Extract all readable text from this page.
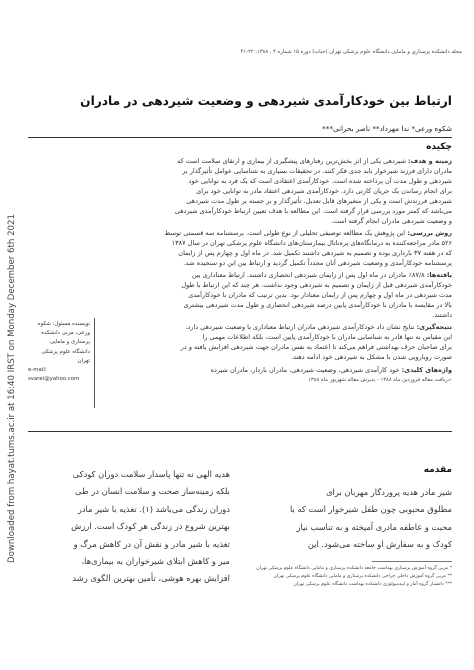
Downloaded from hayat.tums.ac.ir at 16:40 IRST on Monday December 6th 2021
مجله دانشکده پرستاری و مامایی دانشگاه علوم پزشکی تهران (حیات) دوره ۱۵ شماره ۴ ، ۱۳۸۸، ۲۲-۴۱
ارتباط بین خودکارآمدی شیردهی و وضعیت شیردهی در مادران
شکوه ورعی* ندا مهرداد** ناصر بحرانی***
چکیده
زمینه و هدف: شیردهی یکی از اثر بخش‌ترین رفتارهای پیشگیری از بیماری و ارتقای سلامت است که
مادران دارای فرزند شیرخوار باید جدی فکر کنند. در تحقیقات بسیاری به شناسایی عوامل تأثیرگذار بر
شیردهی و طول مدت آن پرداخته شده است. خودکارآمدی اعتقادی است که یک فرد به توانایی خود
برای انجام رساندن یک جریان کارتی دارد. خودکارآمدی شیردهی اعتقاد مادر به توانایی خود برای
شیردهی فرزندش است و یکی از متغیرهای قابل تعدیل، تأثیرگذار و بر جسته بر طول مدت شیردهی
می‌باشد که کمتر مورد بررسی قرار گرفته است. این مطالعه با هدف تعیین ارتباط خودکارآمدی شیردهی
و وضعیت شیردهی مادران انجام گرفته است.
روش بررسی: این پژوهش یک مطالعه توصیفی تحلیلی از نوع طولی است. پرسشنامه سه قسمتی توسط
۵۲۶ مادر مراجعه‌کننده به درمانگاه‌های پره‌ناتال بیمارستان‌های دانشگاه علوم پزشکی تهران در سال ۱۳۸۷
که در هفته ۳۷ بارداری بوده و تصمیم به شیردهی داشتند تکمیل شد. در ماه اول و چهارم پس از زایمان
پرسشنامه خودکارآمدی و وضعیت شیردهی آنان مجدداً تکمیل گردید و ارتباط بین این دو سنجیده شد.
یافته‌ها: ۸۷/۸٪ مادران در ماه اول پس از زایمان شیردهی انحصاری داشتند. ارتباط معناداری بین
خودکارآمدی شیردهی قبل از زایمان و تصمیم به شیردهی وجود نداشت. هر چند که این ارتباط با طول
مدت شیردهی در ماه اول و چهارم پس از زایمان معنادار بود. بدین ترتیب که مادران با خودکارآمدی
بالا در مقایسه با مادران با خودکارآمدی پایین درصد شیردهی انحصاری و طول مدت شیردهی بیشتری
داشتند.
نتیجه‌گیری: نتایج نشان داد خودکارآمدی شیردهی مادران ارتباط معناداری با وضعیت شیردهی دارد.
این مقیاس نه تنها قادر به شناسایی مادران با خودکارآمدی پایین است، بلکه اطلاعات مهمی را
برای صاحبان حرف بهداشتی فراهم می‌کند تا اعتماد به نفس مادران جهت شیردهی افزایش یافته و در
صورت رویارویی شدن با مشکل به شیردهی خود ادامه دهند.
واژه‌های کلیدی: خود کارآمدی شیردهی، وضعیت شیردهی، مادران باردار، مادران شیرده
-دریافت مقاله فروردین ماه ۱۳۸۸ - پذیرش مقاله شهریور ماه ۱۳۸۸
نویسنده مسئول: شکوه
ورعی، مربی دانشکده
پرستاری و مامایی
دانشگاه علوم پزشکی
تهران
e-mail:
svarei@yahoo.com
مقدمه
شیر مادر هدیه پروردگار مهربان برای
مطلوق محبوبی چون طفل شیرخوار است که با
محبت و عاطفه مادری آمیخته و به تناسب نیاز
کودک و به سفارش او ساخته می‌شود. این
هدیه الهی نه تنها پاسدار سلامت دوران کودکی
بلکه زمینه‌ساز صحت و سلامت انسان در طی
دوران زندگی می‌باشد (۱). تغذیه با شیر مادر
بهترین شروع در زندگی هر کودک است. ارزش
تغذیه با شیر مادر و نقش آن در کاهش مرگ و
میر و کاهش ابتلای شیرخواران به بیماری‌ها،
افزایش بهره هوشی، تأمین بهترین الگوی رشد
* مربی گروه آموزش پرستاری بهداشت جامعه دانشکده پرستاری و مامایی دانشگاه علوم پزشکی تهران
** مربی گروه آموزش داخلی جراحی دانشکده پرستاری و مامایی دانشگاه علوم پزشکی تهران
*** دانشیار گروه آمار و اپیدمیولوژی دانشکده بهداشت دانشگاه علوم پزشکی تهران
